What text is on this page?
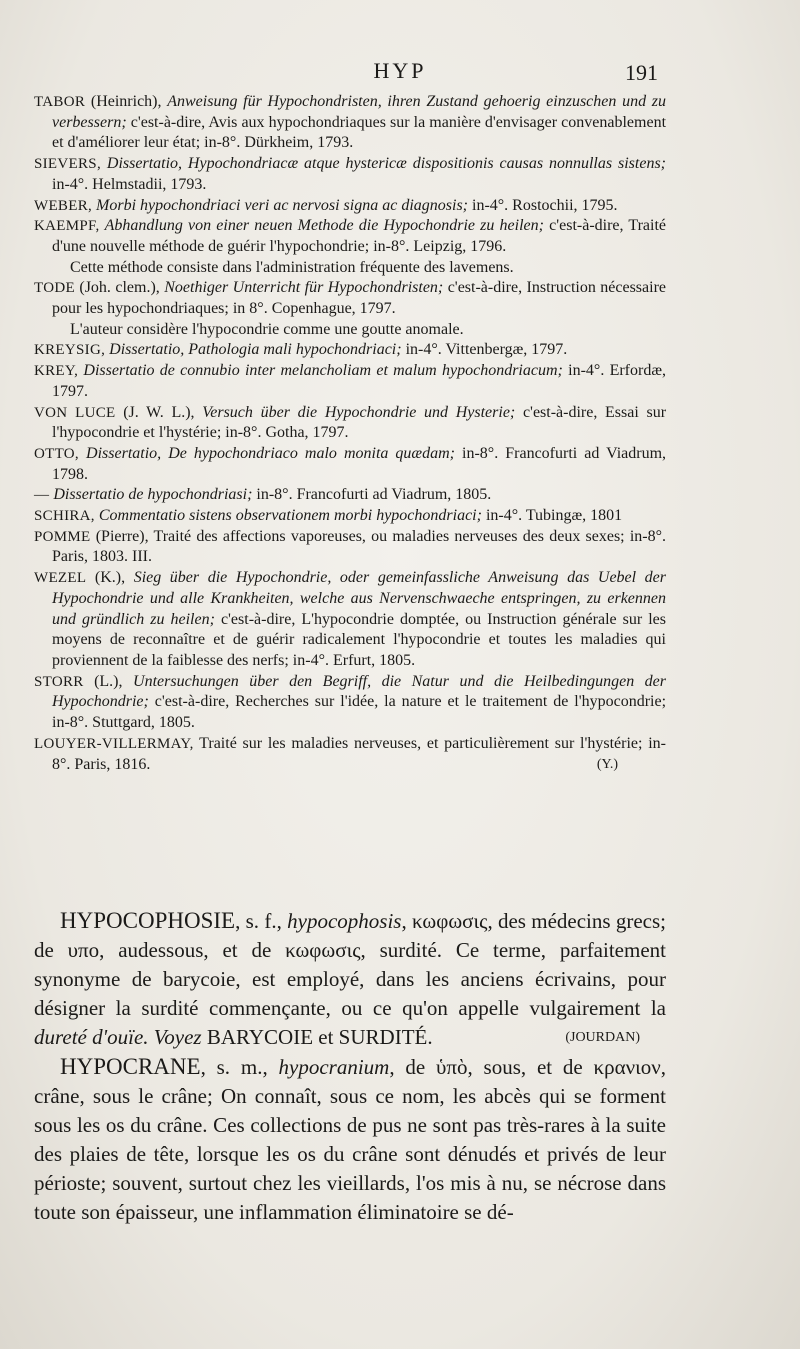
HYP	191

TABOR (Heinrich), Anweisung für Hypochondristen, ihren Zustand gehoerig einzuschen und zu verbessern; c'est-à-dire, Avis aux hypochondriaques sur la manière d'envisager convenablement et d'améliorer leur état; in-8°. Dürkheim, 1793.

SIEVERS, Dissertatio, Hypochondriacæ atque hystericæ dispositionis causas nonnullas sistens; in-4°. Helmstadii, 1793.

WEBER, Morbi hypochondriaci veri ac nervosi signa ac diagnosis; in-4°. Rostochii, 1795.

KAEMPF, Abhandlung von einer neuen Methode die Hypochondrie zu heilen; c'est-à-dire, Traité d'une nouvelle méthode de guérir l'hypochondrie; in-8°. Leipzig, 1796.

Cette méthode consiste dans l'administration fréquente des lavemens.

TODE (Joh. clem.), Noethiger Unterricht für Hypochondristen; c'est-à-dire, Instruction nécessaire pour les hypochondriaques; in 8°. Copenhague, 1797.

L'auteur considère l'hypocondrie comme une goutte anomale.

KREYSIG, Dissertatio, Pathologia mali hypochondriaci; in-4°. Vittenbergæ, 1797.

KREY, Dissertatio de connubio inter melancholiam et malum hypochondriacum; in-4°. Erfordæ, 1797.

VON LUCE (J. W. L.), Versuch über die Hypochondrie und Hysterie; c'est-à-dire, Essai sur l'hypocondrie et l'hystérie; in-8°. Gotha, 1797.

OTTO, Dissertatio, De hypochondriaco malo monita quædam; in-8°. Francofurti ad Viadrum, 1798.

— Dissertatio de hypochondriasi; in-8°. Francofurti ad Viadrum, 1805.

SCHIRA, Commentatio sistens observationem morbi hypochondriaci; in-4°. Tubingæ, 1801

POMME (Pierre), Traité des affections vaporeuses, ou maladies nerveuses des deux sexes; in-8°. Paris, 1803. III.

WEZEL (K.), Sieg über die Hypochondrie, oder gemeinfassliche Anweisung das Uebel der Hypochondrie und alle Krankheiten, welche aus Nervenschwaeche entspringen, zu erkennen und gründlich zu heilen; c'est-à-dire, L'hypocondrie domptée, ou Instruction générale sur les moyens de reconnaître et de guérir radicalement l'hypocondrie et toutes les maladies qui proviennent de la faiblesse des nerfs; in-4°. Erfurt, 1805.

STORR (L.), Untersuchungen über den Begriff, die Natur und die Heilbedingungen der Hypochondrie; c'est-à-dire, Recherches sur l'idée, la nature et le traitement de l'hypocondrie; in-8°. Stuttgard, 1805.

LOUYER-VILLERMAY, Traité sur les maladies nerveuses, et particulièrement sur l'hystérie; in-8°. Paris, 1816.	(Y.)

HYPOCOPHOSIE, s. f., hypocophosis, κωφωσις, des médecins grecs; de υπο, audessous, et de κωφωσις, surdité. Ce terme, parfaitement synonyme de barycoie, est employé, dans les anciens écrivains, pour désigner la surdité commençante, ou ce qu'on appelle vulgairement la dureté d'ouïe. Voyez BARYCOIE et SURDITÉ.	(JOURDAN)

HYPOCRANE, s. m., hypocranium, de ὑπὸ, sous, et de κρανιον, crâne, sous le crâne; On connaît, sous ce nom, les abcès qui se forment sous les os du crâne. Ces collections de pus ne sont pas très-rares à la suite des plaies de tête, lorsque les os du crâne sont dénudés et privés de leur périoste; souvent, surtout chez les vieillards, l'os mis à nu, se nécrose dans toute son épaisseur, une inflammation éliminatoire se dé-
